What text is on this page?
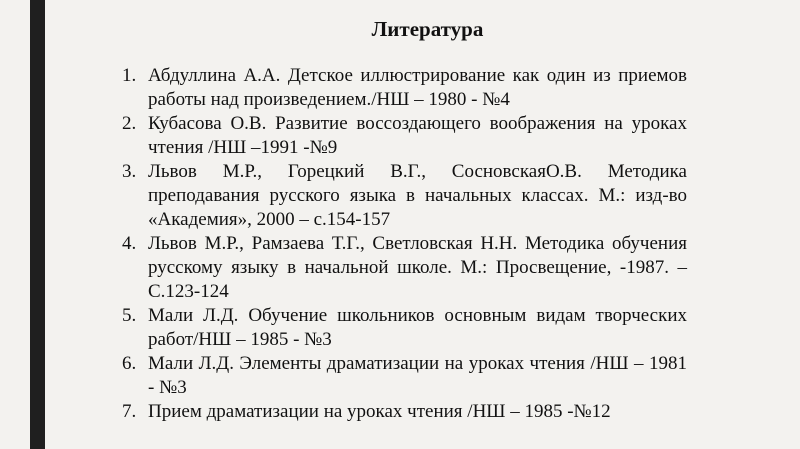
Литература
1. Абдуллина А.А. Детское иллюстрирование как один из приемов работы над произведением./НШ – 1980 - №4
2. Кубасова О.В. Развитие воссоздающего воображения на уроках чтения /НШ –1991 -№9
3. Львов М.Р., Горецкий В.Г., СосновскаяО.В. Методика преподавания русского языка в начальных классах. М.: изд-во «Академия», 2000 – с.154-157
4. Львов М.Р., Рамзаева Т.Г., Светловская Н.Н. Методика обучения русскому языку в начальной школе. М.: Просвещение, -1987. –С.123-124
5. Мали Л.Д. Обучение школьников основным видам творческих работ/НШ – 1985 - №3
6. Мали Л.Д. Элементы драматизации на уроках чтения /НШ – 1981 - №3
7. Прием драматизации на уроках чтения /НШ – 1985 -№12
